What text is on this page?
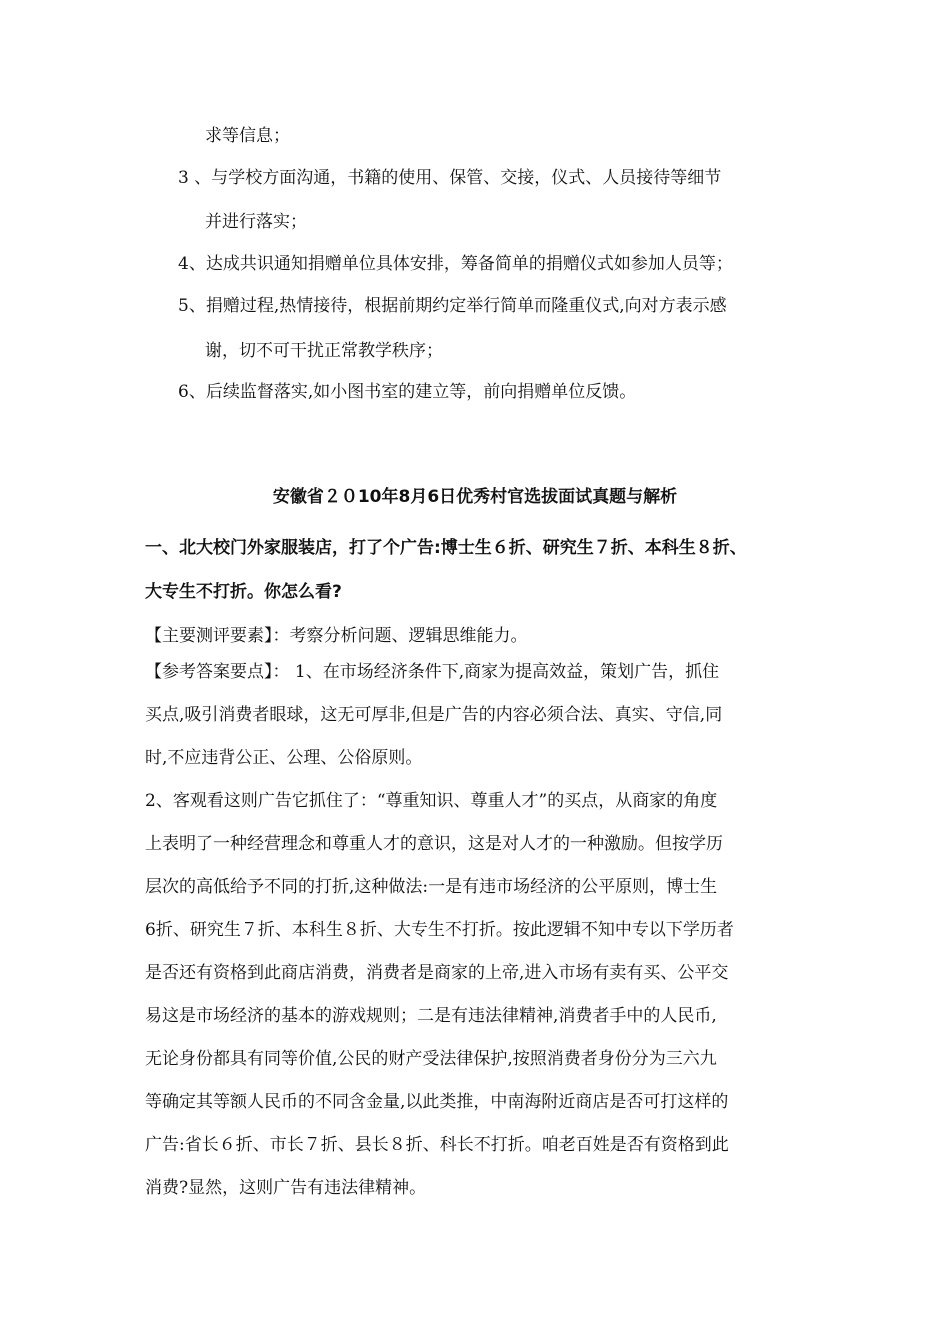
求等信息；
3 、与学校方面沟通，书籍的使用、保管、交接，仪式、人员接待等细节
并进行落实；
4、达成共识通知捐赠单位具体安排，筹备简单的捐赠仪式如参加人员等；
5、捐赠过程,热情接待，根据前期约定举行简单而隆重仪式,向对方表示感
谢，切不可干扰正常教学秩序；
6、后续监督落实,如小图书室的建立等，前向捐赠单位反馈。
安徽省２０10年8月6日优秀村官选拔面试真题与解析
一、北大校门外家服装店，打了个广告:博士生６折、研究生７折、本科生８折、
大专生不打折。你怎么看?
【主要测评要素】：考察分析问题、逻辑思维能力。
【参考答案要点】： 1、在市场经济条件下,商家为提高效益，策划广告，抓住
买点,吸引消费者眼球，这无可厚非,但是广告的内容必须合法、真实、守信,同
时,不应违背公正、公理、公俗原则。
2、客观看这则广告它抓住了：“尊重知识、尊重人才”的买点，从商家的角度
上表明了一种经营理念和尊重人才的意识，这是对人才的一种激励。但按学历
层次的高低给予不同的打折,这种做法:一是有违市场经济的公平原则，博士生
6折、研究生７折、本科生８折、大专生不打折。按此逻辑不知中专以下学历者
是否还有资格到此商店消费，消费者是商家的上帝,进入市场有卖有买、公平交
易这是市场经济的基本的游戏规则；二是有违法律精神,消费者手中的人民币,
无论身份都具有同等价值,公民的财产受法律保护,按照消费者身份分为三六九
等确定其等额人民币的不同含金量,以此类推，中南海附近商店是否可打这样的
广告:省长６折、市长７折、县长８折、科长不打折。咱老百姓是否有资格到此
消费?显然，这则广告有违法律精神。
